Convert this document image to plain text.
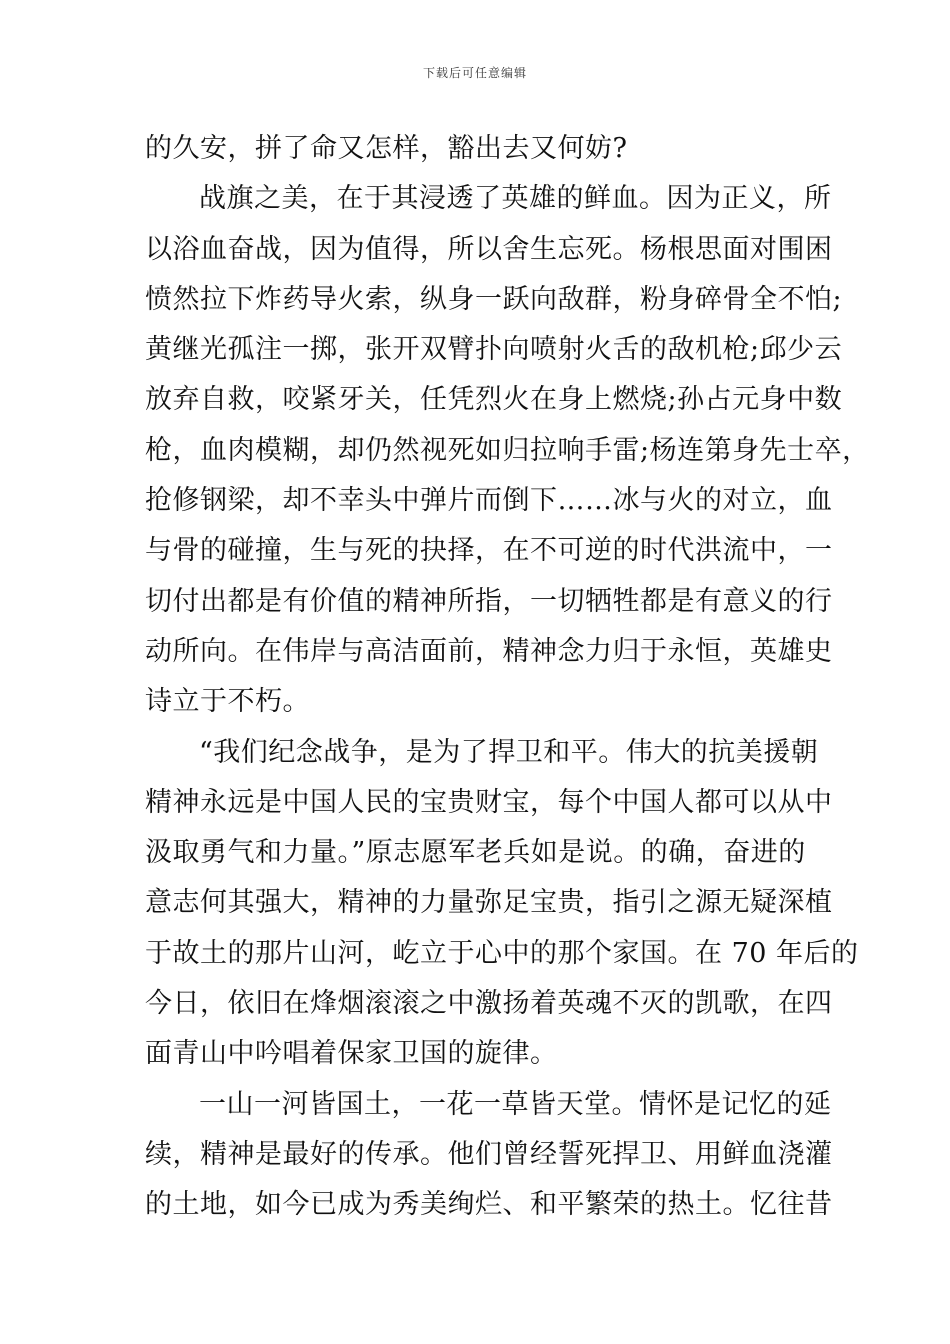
下载后可任意编辑
的久安，拼了命又怎样，豁出去又何妨?
战旗之美，在于其浸透了英雄的鲜血。因为正义，所
以浴血奋战，因为值得，所以舍生忘死。杨根思面对围困
愤然拉下炸药导火索，纵身一跃向敌群，粉身碎骨全不怕;
黄继光孤注一掷，张开双臂扑向喷射火舌的敌机枪;邱少云
放弃自救，咬紧牙关，任凭烈火在身上燃烧;孙占元身中数
枪，血肉模糊，却仍然视死如归拉响手雷;杨连第身先士卒，
抢修钢梁，却不幸头中弹片而倒下……冰与火的对立，血
与骨的碰撞，生与死的抉择，在不可逆的时代洪流中，一
切付出都是有价值的精神所指，一切牺牲都是有意义的行
动所向。在伟岸与高洁面前，精神念力归于永恒，英雄史
诗立于不朽。
“我们纪念战争，是为了捍卫和平。伟大的抗美援朝
精神永远是中国人民的宝贵财宝，每个中国人都可以从中
汲取勇气和力量。”原志愿军老兵如是说。的确，奋进的
意志何其强大，精神的力量弥足宝贵，指引之源无疑深植
于故土的那片山河，屹立于心中的那个家国。在 70 年后的
今日，依旧在烽烟滚滚之中激扬着英魂不灭的凯歌，在四
面青山中吟唱着保家卫国的旋律。
一山一河皆国土，一花一草皆天堂。情怀是记忆的延
续，精神是最好的传承。他们曾经誓死捍卫、用鲜血浇灌
的土地，如今已成为秀美绚烂、和平繁荣的热土。忆往昔
